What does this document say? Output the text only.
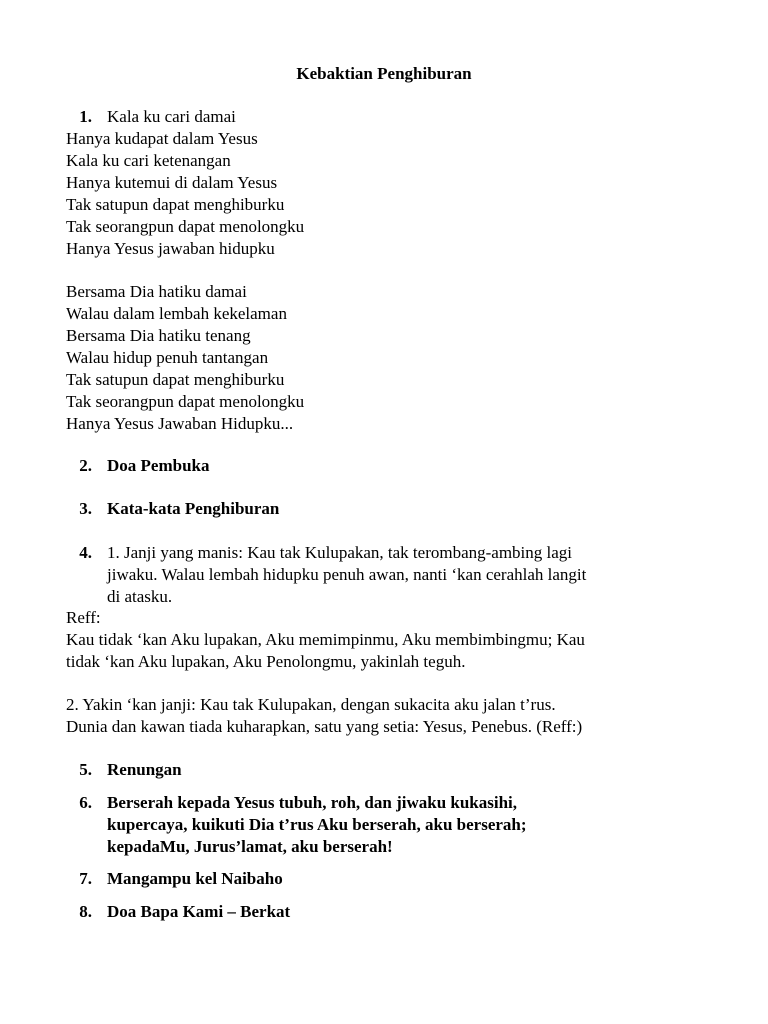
Kebaktian Penghiburan
1. Kala ku cari damai
Hanya kudapat dalam Yesus
Kala ku cari ketenangan
Hanya kutemui di dalam Yesus
Tak satupun dapat menghiburku
Tak seorangpun dapat menolongku
Hanya Yesus jawaban hidupku
Bersama Dia hatiku damai
Walau dalam lembah kekelaman
Bersama Dia hatiku tenang
Walau hidup penuh tantangan
Tak satupun dapat menghiburku
Tak seorangpun dapat menolongku
Hanya Yesus Jawaban Hidupku...
2. Doa Pembuka
3. Kata-kata Penghiburan
4. 1. Janji yang manis: Kau tak Kulupakan, tak terombang-ambing lagi
jiwaku. Walau lembah hidupku penuh awan, nanti ‘kan cerahlah langit
di atasku.
Reff:
Kau tidak ‘kan Aku lupakan, Aku memimpinmu, Aku membimbingmu; Kau
tidak ‘kan Aku lupakan, Aku Penolongmu, yakinlah teguh.
2. Yakin ‘kan janji: Kau tak Kulupakan, dengan sukacita aku jalan t’rus.
Dunia dan kawan tiada kuharapkan, satu yang setia: Yesus, Penebus. (Reff:)
5. Renungan
6. Berserah kepada Yesus tubuh, roh, dan jiwaku kukasihi,
kupercaya, kuikuti Dia t’rus Aku berserah, aku berserah;
kepadaMu, Jurus’lamat, aku berserah!
7. Mangampu kel Naibaho
8. Doa Bapa Kami – Berkat
